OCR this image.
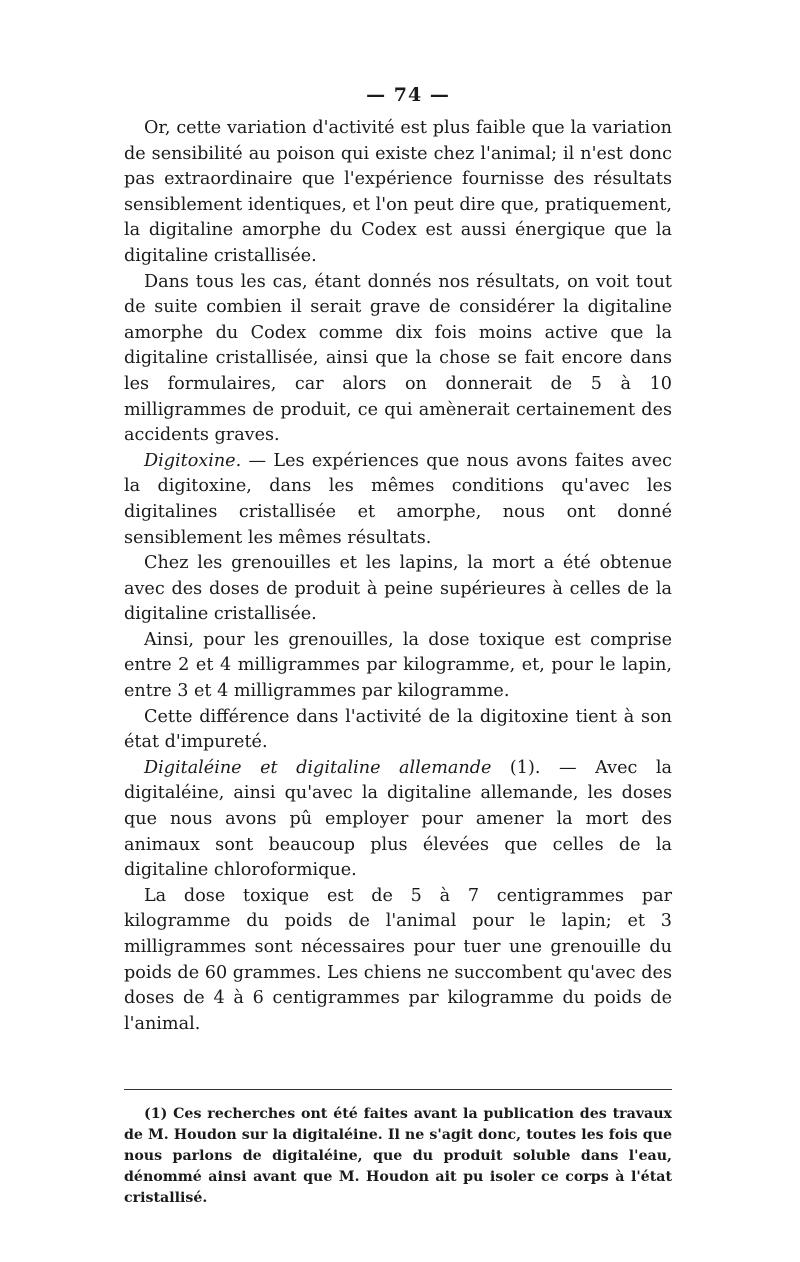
— 74 —

Or, cette variation d'activité est plus faible que la variation de sensibilité au poison qui existe chez l'animal; il n'est donc pas extraordinaire que l'expérience fournisse des résultats sensiblement identiques, et l'on peut dire que, pratiquement, la digitaline amorphe du Codex est aussi énergique que la digitaline cristallisée.

Dans tous les cas, étant donnés nos résultats, on voit tout de suite combien il serait grave de considérer la digitaline amorphe du Codex comme dix fois moins active que la digitaline cristallisée, ainsi que la chose se fait encore dans les formulaires, car alors on donnerait de 5 à 10 milligrammes de produit, ce qui amènerait certainement des accidents graves.

Digitoxine. — Les expériences que nous avons faites avec la digitoxine, dans les mêmes conditions qu'avec les digitalines cristallisée et amorphe, nous ont donné sensiblement les mêmes résultats.

Chez les grenouilles et les lapins, la mort a été obtenue avec des doses de produit à peine supérieures à celles de la digitaline cristallisée.

Ainsi, pour les grenouilles, la dose toxique est comprise entre 2 et 4 milligrammes par kilogramme, et, pour le lapin, entre 3 et 4 milligrammes par kilogramme.

Cette différence dans l'activité de la digitoxine tient à son état d'impureté.

Digitaléine et digitaline allemande (1). — Avec la digitaléine, ainsi qu'avec la digitaline allemande, les doses que nous avons pû employer pour amener la mort des animaux sont beaucoup plus élevées que celles de la digitaline chloroformique.

La dose toxique est de 5 à 7 centigrammes par kilogramme du poids de l'animal pour le lapin; et 3 milligrammes sont nécessaires pour tuer une grenouille du poids de 60 grammes. Les chiens ne succombent qu'avec des doses de 4 à 6 centigrammes par kilogramme du poids de l'animal.

(1) Ces recherches ont été faites avant la publication des travaux de M. Houdon sur la digitaléine. Il ne s'agit donc, toutes les fois que nous parlons de digitaléine, que du produit soluble dans l'eau, dénommé ainsi avant que M. Houdon ait pu isoler ce corps à l'état cristallisé.
